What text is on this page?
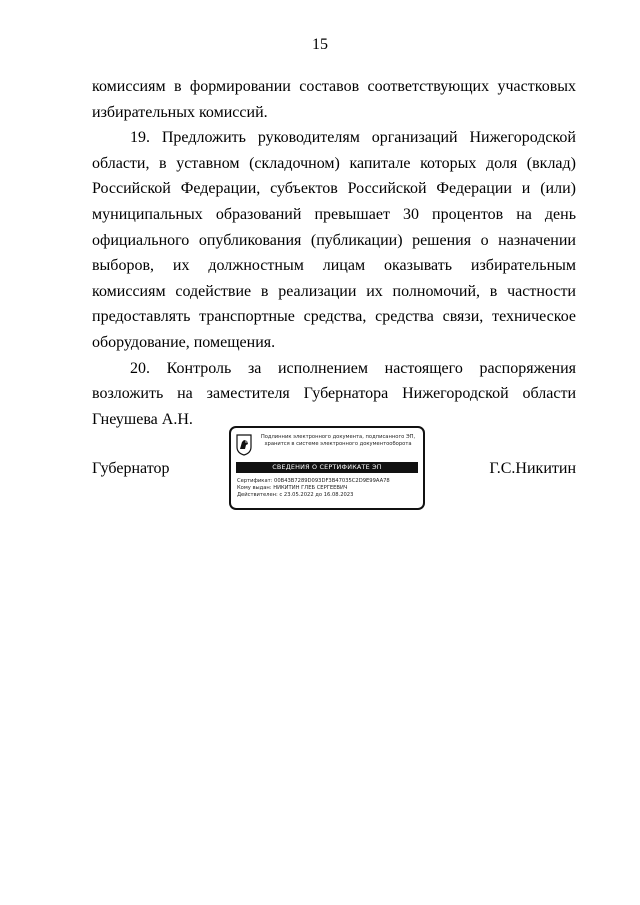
15

комиссиям в формировании составов соответствующих участковых избирательных комиссий.

19. Предложить руководителям организаций Нижегородской области, в уставном (складочном) капитале которых доля (вклад) Российской Федерации, субъектов Российской Федерации и (или) муниципальных образований превышает 30 процентов на день официального опубликования (публикации) решения о назначении выборов, их должностным лицам оказывать избирательным комиссиям содействие в реализации их полномочий, в частности предоставлять транспортные средства, средства связи, техническое оборудование, помещения.

20. Контроль за исполнением настоящего распоряжения возложить на заместителя Губернатора Нижегородской области Гнеушева А.Н.

Губернатор
Подлинник электронного документа, подписанного ЭП,
хранится в системе электронного документооборота
СВЕДЕНИЯ О СЕРТИФИКАТЕ ЭП
Сертификат: 00B43B7289D093DF3B47035C2D9E99AA78
Кому выдан: НИКИТИН ГЛЕБ СЕРГЕЕВИЧ
Действителен: с 23.05.2022 до 16.08.2023
Г.С.Никитин
